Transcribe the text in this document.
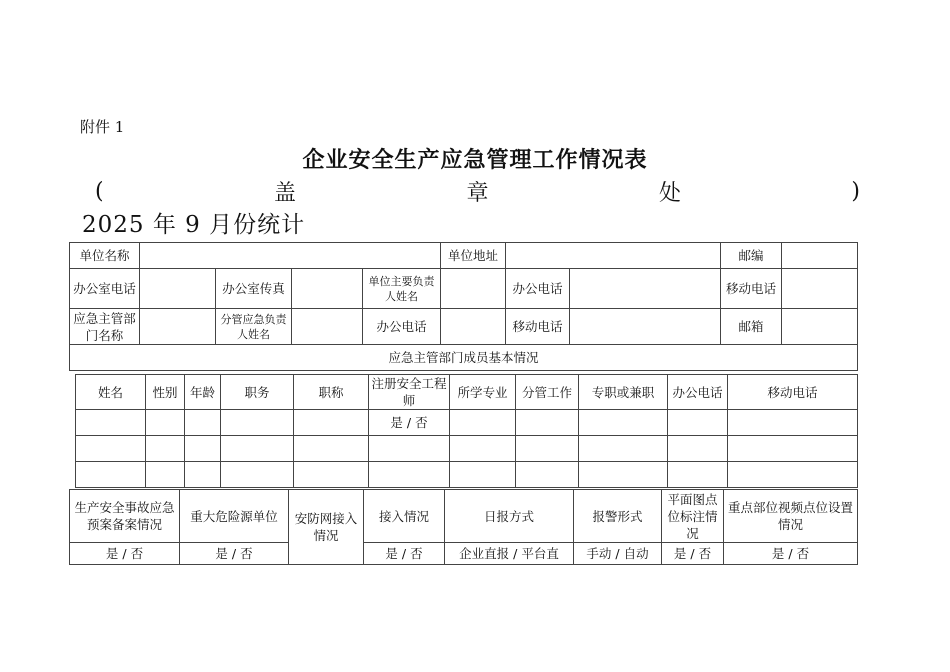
附件 1
企业安全生产应急管理工作情况表
(	盖	章	处	)
2025 年 9 月份统计
单位名称					单位地址			邮编	
办公室电话		办公室传真		单位主要负责人姓名		办公电话		移动电话	
应急主管部门名称		分管应急负责人姓名		办公电话		移动电话		邮箱	
应急主管部门成员基本情况									
姓名	性别	年龄	职务	职称	注册安全工程师	所学专业	分管工作	专职或兼职	办公电话	移动电话
					是 / 否					

生产安全事故应急预案备案情况	重大危险源单位	安防网接入情况	接入情况	日报方式	报警形式	平面图点位标注情况	重点部位视频点位设置情况
是 / 否	是 / 否		是 / 否	企业直报 / 平台直	手动 / 自动	是 / 否	是 / 否
